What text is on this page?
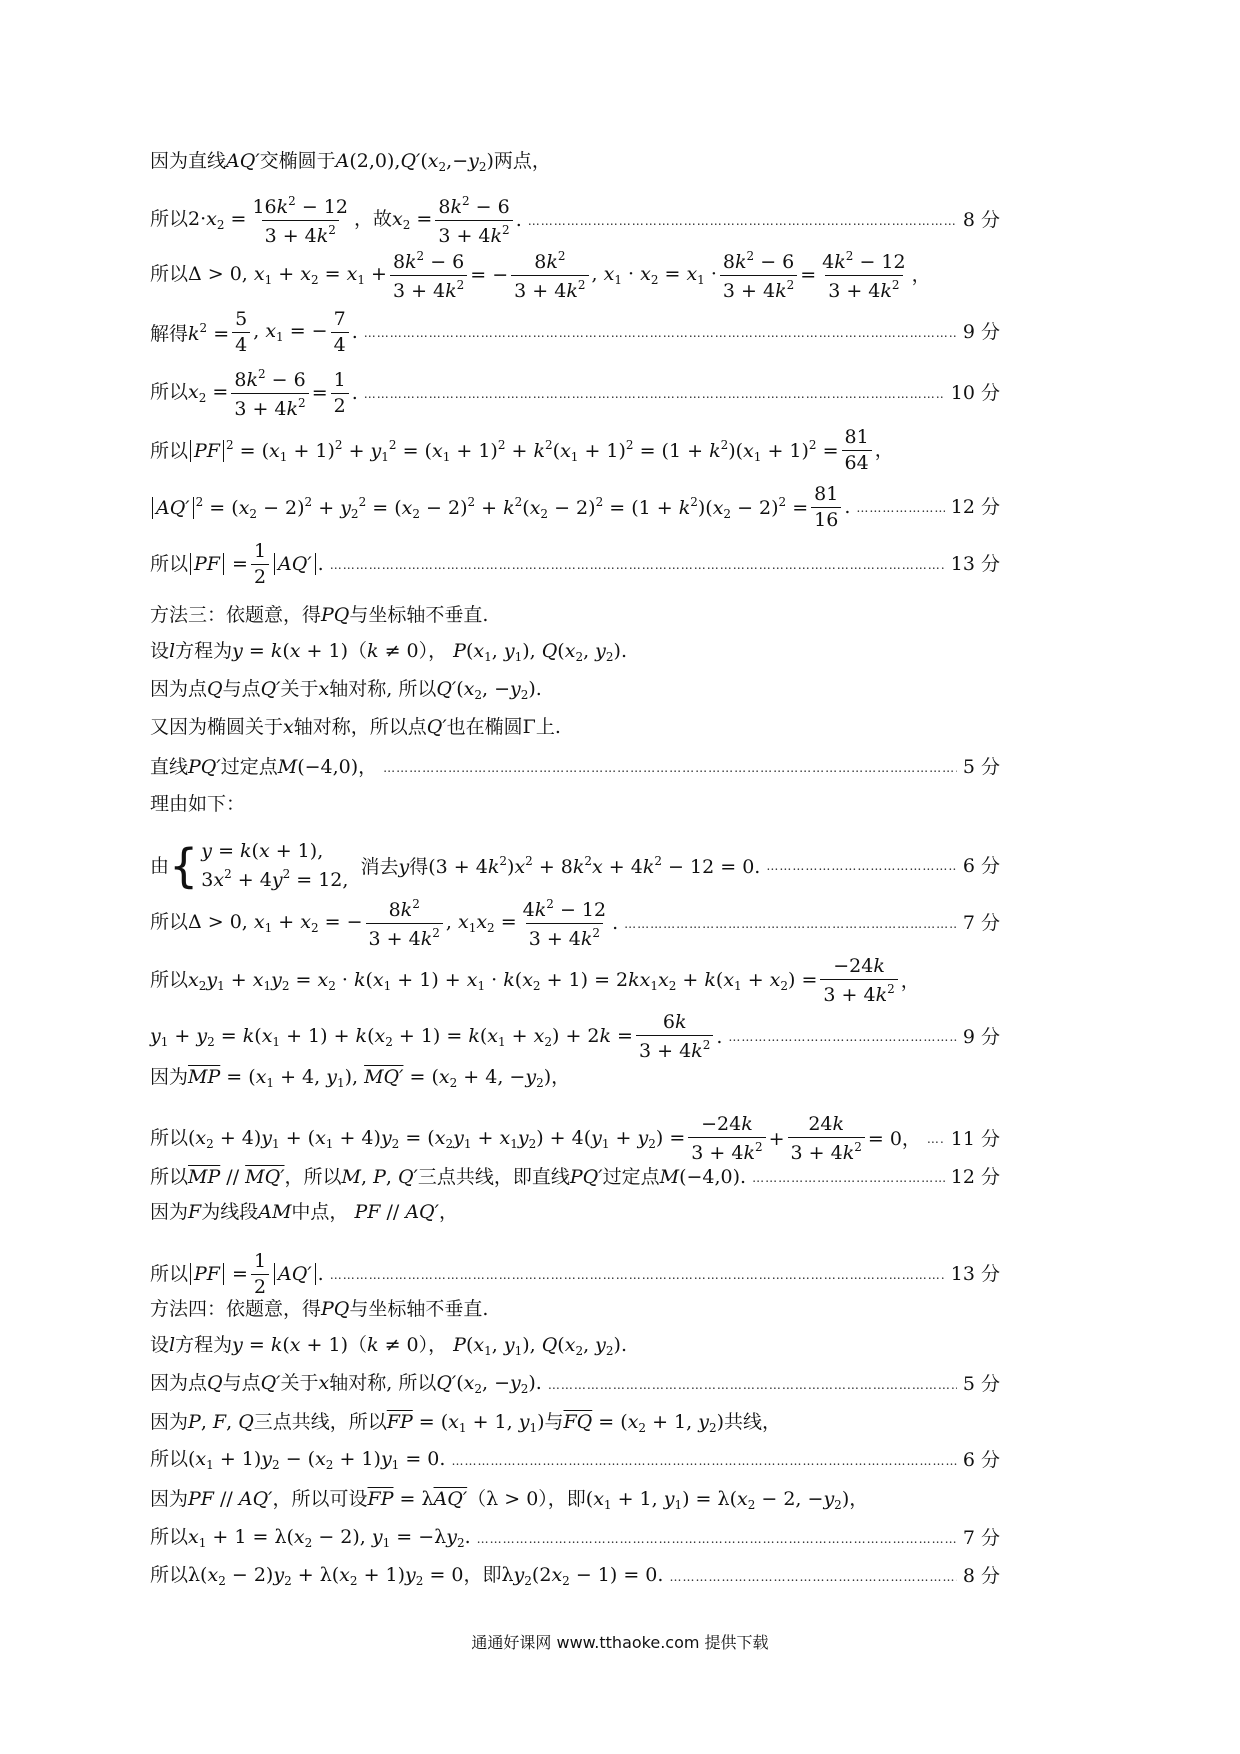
因为直线AQ′交椭圆于$A(2,0),Q'(x_2,-y_2)$两点，
所以$2\cdot x_2 = \frac{16k^2 - 12}{3 + 4k^2}$ ，故$x_2 = \frac{8k^2 - 6}{3 + 4k^2}$ . ………………………………………………………………………………………………………………………………………………………………………………………………………………………………………………	8 分
所以Δ > 0, $x_1 + x_2 = x_1 + \frac{8k^2 - 6}{3 + 4k^2}$ = − $\frac{8k^2}{3 + 4k^2}$ , $x_1 \cdot x_2 = x_1 \cdot \frac{8k^2 - 6}{3 + 4k^2} = \frac{4k^2 - 12}{3 + 4k^2}$ ，
解得$k^2 = \frac{5}{4}$ , $x_1$ = − $\frac{7}{4}$ . ………………………………………………………………………………………………………………………………………………………………………………………………………………………………………………	9 分
所以$x_2 = \frac{8k^2 - 6}{3 + 4k^2} = \frac{1}{2}$ . ………………………………………………………………………………………………………………………………………………………………………………………………………………………………………………	10 分
所以 PF $^2 = (x_1 + 1)^2 + y_1^2 = (x_1 + 1)^2 + k^2(x_1 + 1)^2 = (1 + k^2)(x_1 + 1)^2 = \frac{81}{64}$ ，
AQ′ $^2 = (x_2 - 2)^2 + y_2^2 = (x_2 - 2)^2 + k^2(x_2 - 2)^2 = (1 + k^2)(x_2 - 2)^2 = \frac{81}{16}$ . ………………………………………………………………………………………………………………………………………………………………………………………………………………………………………………	12 分
所以 PF = $\frac{1}{2} AQ'$ . ………………………………………………………………………………………………………………………………………………………………………………………………………………………………………………	13 分
方法三：依题意，得PQ与坐标轴不垂直.
设l方程为y = k(x + 1)（k ≠ 0）， $P(x_1$, $y_1$), $Q(x_2$, $y_2$).
因为点Q与点Q′关于x轴对称, 所以$Q'(x_2$, $-y_2$).
又因为椭圆关于x轴对称，所以点Q′也在椭圆Γ上.
直线PQ′过定点M(−4,0)， ………………………………………………………………………………………………………………………………………………………………………………………………………………………………………………	5 分
理由如下：
由 { y = k(x + 1),
$3x^2 + 4y^2 = 12$,
消去y得$(3 + 4k^2)x^2 + 8k^2x + 4k^2 - 12 = 0$. ………………………………………………………………………………………………………………………………………………………………………………………………………………………………………………	6 分
所以Δ > 0, $x_1 + x_2$ = − $\frac{8k^2}{3 + 4k^2}$ , $x_1x_2 = \frac{4k^2 - 12}{3 + 4k^2}$ . ………………………………………………………………………………………………………………………………………………………………………………………………………………………………………………	7 分
所以$x_2y_1 + x_1y_2 = x_2 \cdot k(x_1 + 1) + x_1 \cdot k(x_2 + 1) = 2kx_1x_2 + k(x_1 + x_2) = \frac{-24k}{3 + 4k^2}$ ，
$y_1 + y_2 = k(x_1 + 1) + k(x_2 + 1) = k(x_1 + x_2) + 2k = \frac{6k}{3 + 4k^2}$ . ………………………………………………………………………………………………………………………………………………………………………………………………………………………………………………	9 分
因为$\overline{MP} = (x_1 + 4$, $y_1$), $MQ' = (x_2 + 4$, $-y_2$)，
所以$(x_2 + 4)y_1 + (x_1 + 4)y_2 = (x_2y_1 + x_1y_2) + 4(y_1 + y_2) = \frac{-24k}{3 + 4k^2} + \frac{24k}{3 + 4k^2} = 0$， ……………………………………………………………………………………………………………………………………………………………………………………………………………………………………………… 11 分
所以$\overline{MP} // MQ'$，所以M, P, Q′三点共线，即直线PQ′过定点M(−4,0). ………………………………………………………………………………………………………………………………………………………………………………………………………………………………………………	12 分
因为F为线段AM中点， PF // AQ′，
所以 PF = $\frac{1}{2} AQ'$ . ………………………………………………………………………………………………………………………………………………………………………………………………………………………………………………	13 分
方法四：依题意，得PQ与坐标轴不垂直.
设l方程为y = k(x + 1)（k ≠ 0）， $P(x_1$, $y_1$), $Q(x_2$, $y_2$).
因为点Q与点Q′关于x轴对称, 所以$Q'(x_2$, $-y_2$). ………………………………………………………………………………………………………………………………………………………………………………………………………………………………………………	5 分
因为P, F, Q三点共线，所以$\overline{FP} = (x_1 + 1$, $y_1$)与$\overline{FQ} = (x_2 + 1$, $y_2$)共线，
所以$(x_1 + 1)y_2 - (x_2 + 1)y_1 = 0$. ………………………………………………………………………………………………………………………………………………………………………………………………………………………………………………	6 分
因为PF // AQ′，所以可设$\overline{FP} = \lambda AQ'(\lambda > 0)$，即($x_1 + 1$, $y_1) = \lambda(x_2 - 2$, $-y_2$)，
所以$x_1 + 1 = \lambda(x_2 - 2)$, $y_1 = -\lambda y_2$. ………………………………………………………………………………………………………………………………………………………………………………………………………………………………………………	7 分
所以$\lambda(x_2 - 2)y_2 + \lambda(x_2 + 1)y_2 = 0$，即$\lambda y_2(2x_2 - 1) = 0$. ………………………………………………………………………………………………………………………………………………………………………………………………………………………………………………	8 分
通通好课网 www.tthaoke.com 提供下载
